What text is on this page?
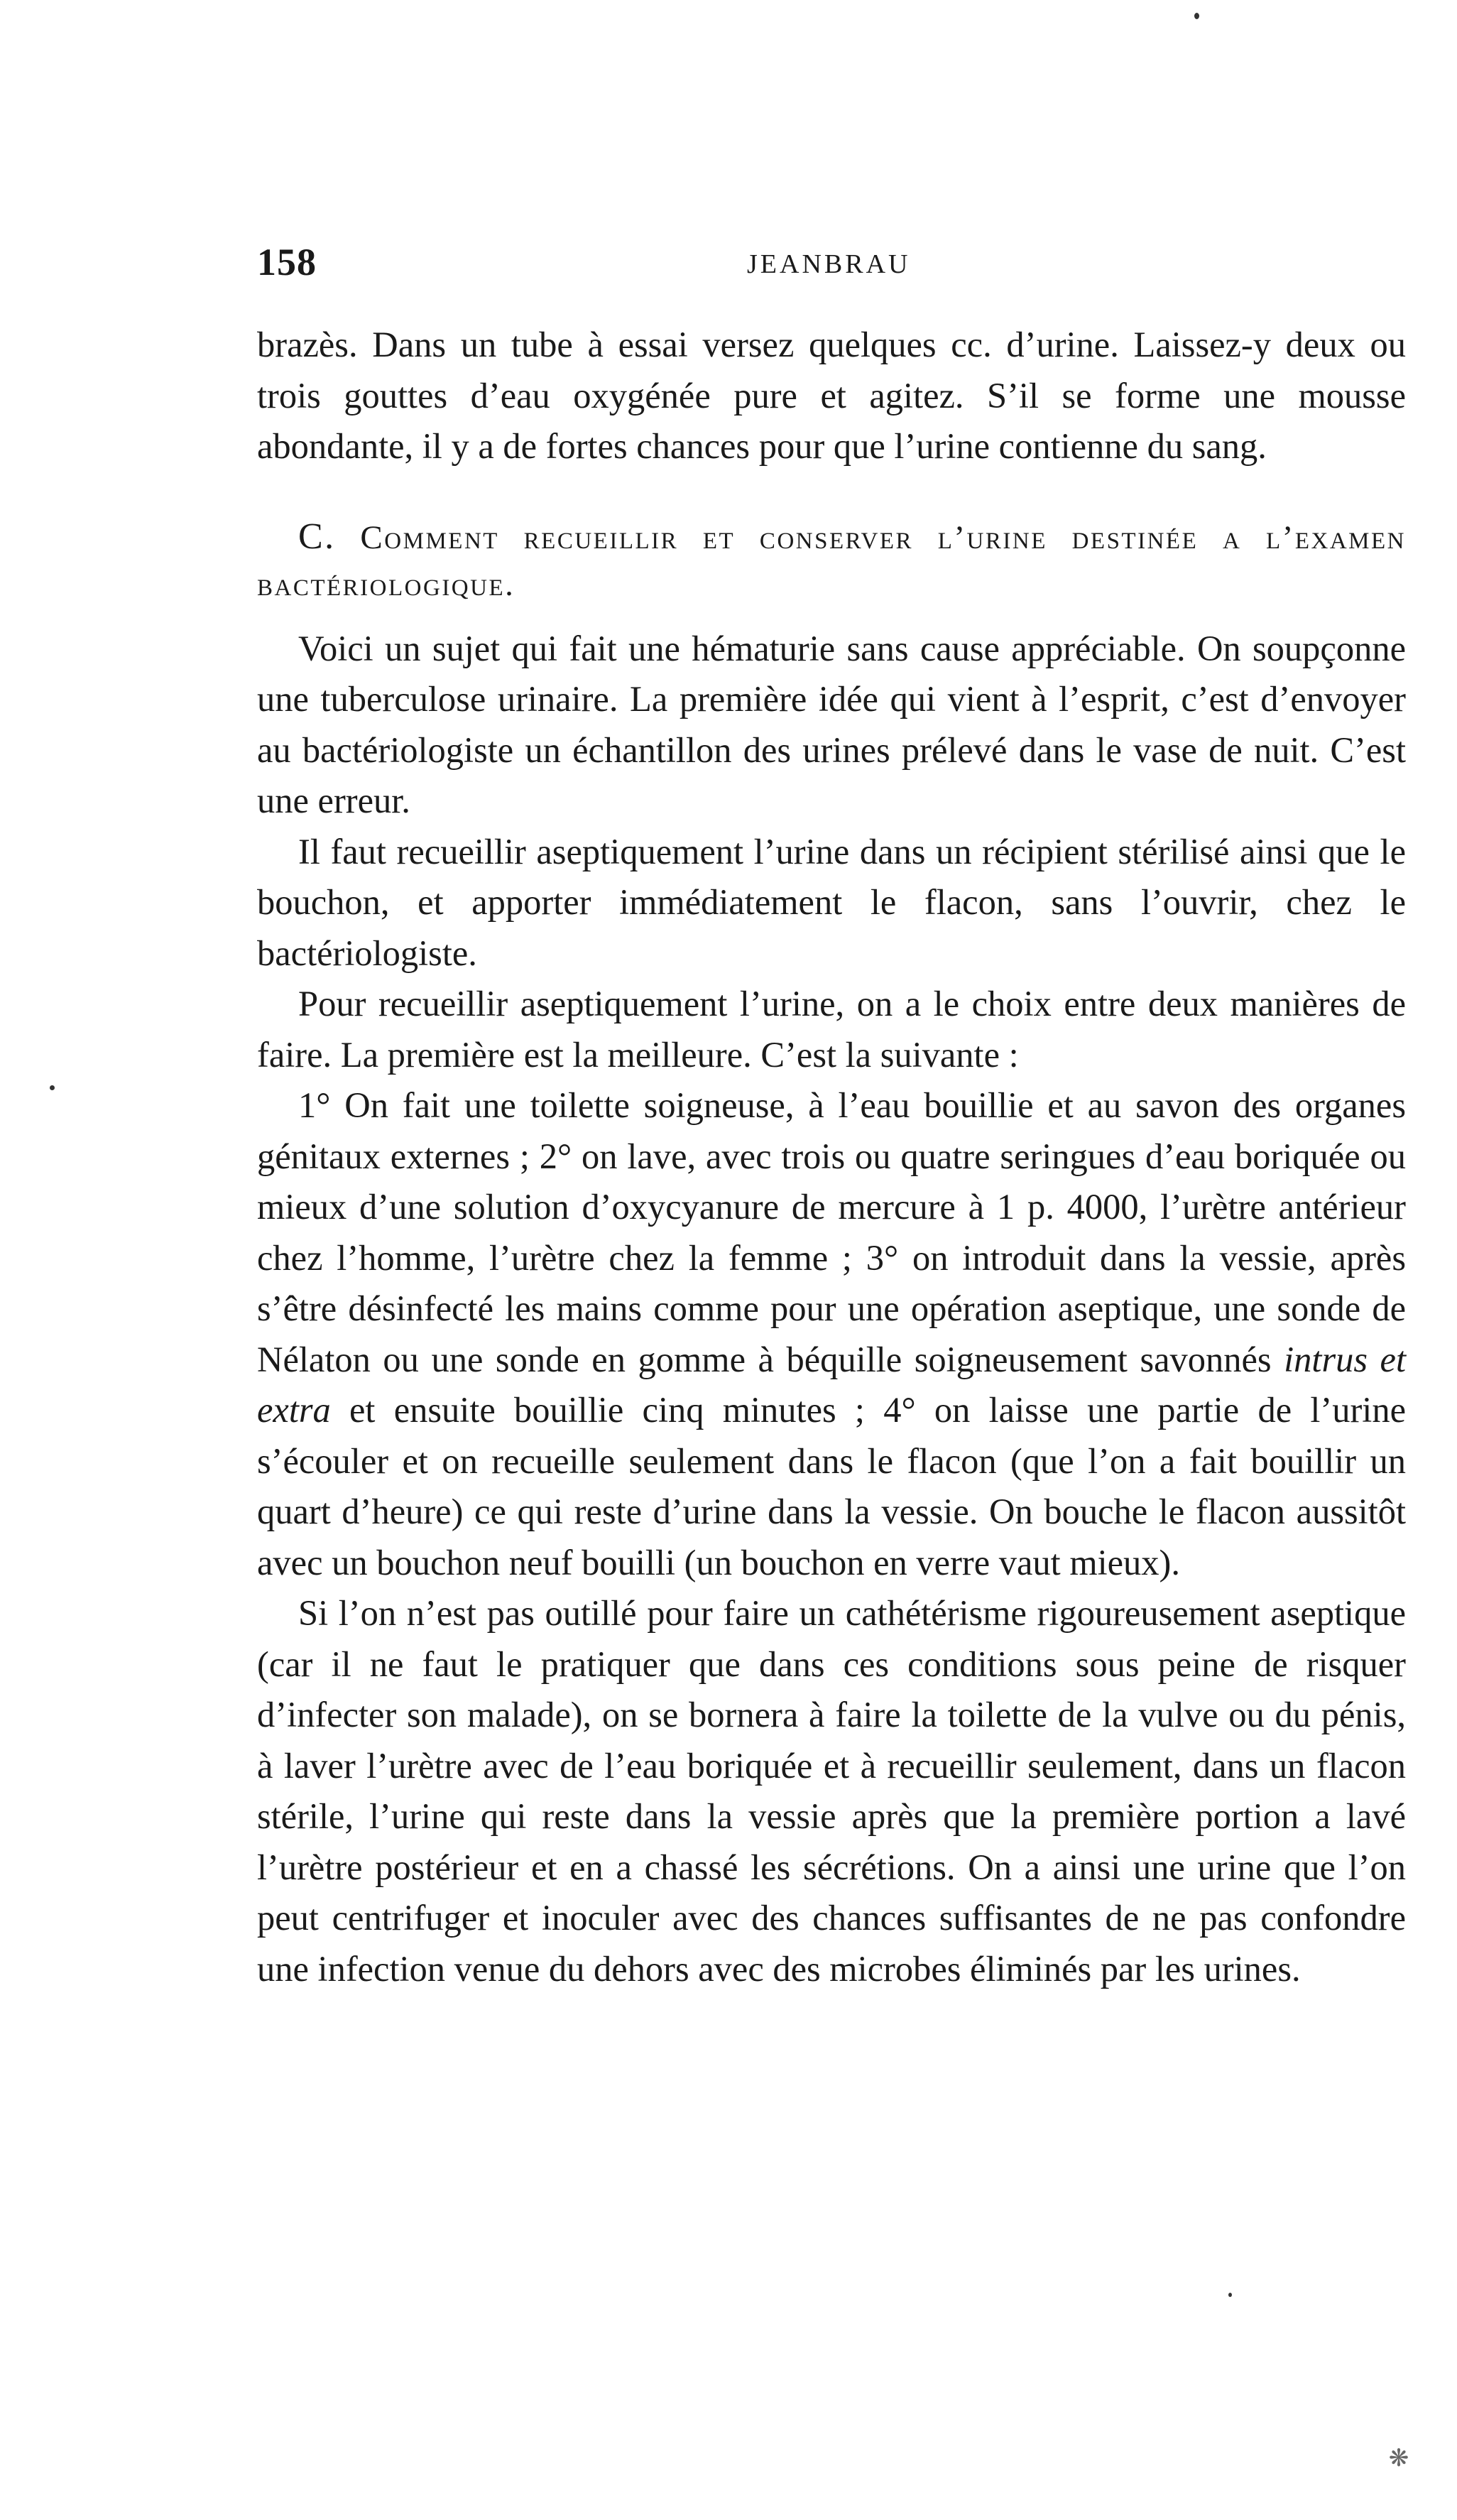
158	JEANBRAU

brazès. Dans un tube à essai versez quelques cc. d’urine. Laissez-y deux ou trois gouttes d’eau oxygénée pure et agitez. S’il se forme une mousse abondante, il y a de fortes chances pour que l’urine contienne du sang.

C. Comment recueillir et conserver l’urine destinée a l’examen bactériologique.

Voici un sujet qui fait une hématurie sans cause appréciable. On soupçonne une tuberculose urinaire. La première idée qui vient à l’esprit, c’est d’envoyer au bactériologiste un échantillon des urines prélevé dans le vase de nuit. C’est une erreur.

Il faut recueillir aseptiquement l’urine dans un récipient stérilisé ainsi que le bouchon, et apporter immédiatement le flacon, sans l’ouvrir, chez le bactériologiste.

Pour recueillir aseptiquement l’urine, on a le choix entre deux manières de faire. La première est la meilleure. C’est la suivante :

1° On fait une toilette soigneuse, à l’eau bouillie et au savon des organes génitaux externes ; 2° on lave, avec trois ou quatre seringues d’eau boriquée ou mieux d’une solution d’oxycyanure de mercure à 1 p. 4000, l’urètre antérieur chez l’homme, l’urètre chez la femme ; 3° on introduit dans la vessie, après s’être désinfecté les mains comme pour une opération aseptique, une sonde de Nélaton ou une sonde en gomme à béquille soigneusement savonnés intrus et extra et ensuite bouillie cinq minutes ; 4° on laisse une partie de l’urine s’écouler et on recueille seulement dans le flacon (que l’on a fait bouillir un quart d’heure) ce qui reste d’urine dans la vessie. On bouche le flacon aussitôt avec un bouchon neuf bouilli (un bouchon en verre vaut mieux).

Si l’on n’est pas outillé pour faire un cathétérisme rigoureusement aseptique (car il ne faut le pratiquer que dans ces conditions sous peine de risquer d’infecter son malade), on se bornera à faire la toilette de la vulve ou du pénis, à laver l’urètre avec de l’eau boriquée et à recueillir seulement, dans un flacon stérile, l’urine qui reste dans la vessie après que la première portion a lavé l’urètre postérieur et en a chassé les sécrétions. On a ainsi une urine que l’on peut centrifuger et inoculer avec des chances suffisantes de ne pas confondre une infection venue du dehors avec des microbes éliminés par les urines.

❋
